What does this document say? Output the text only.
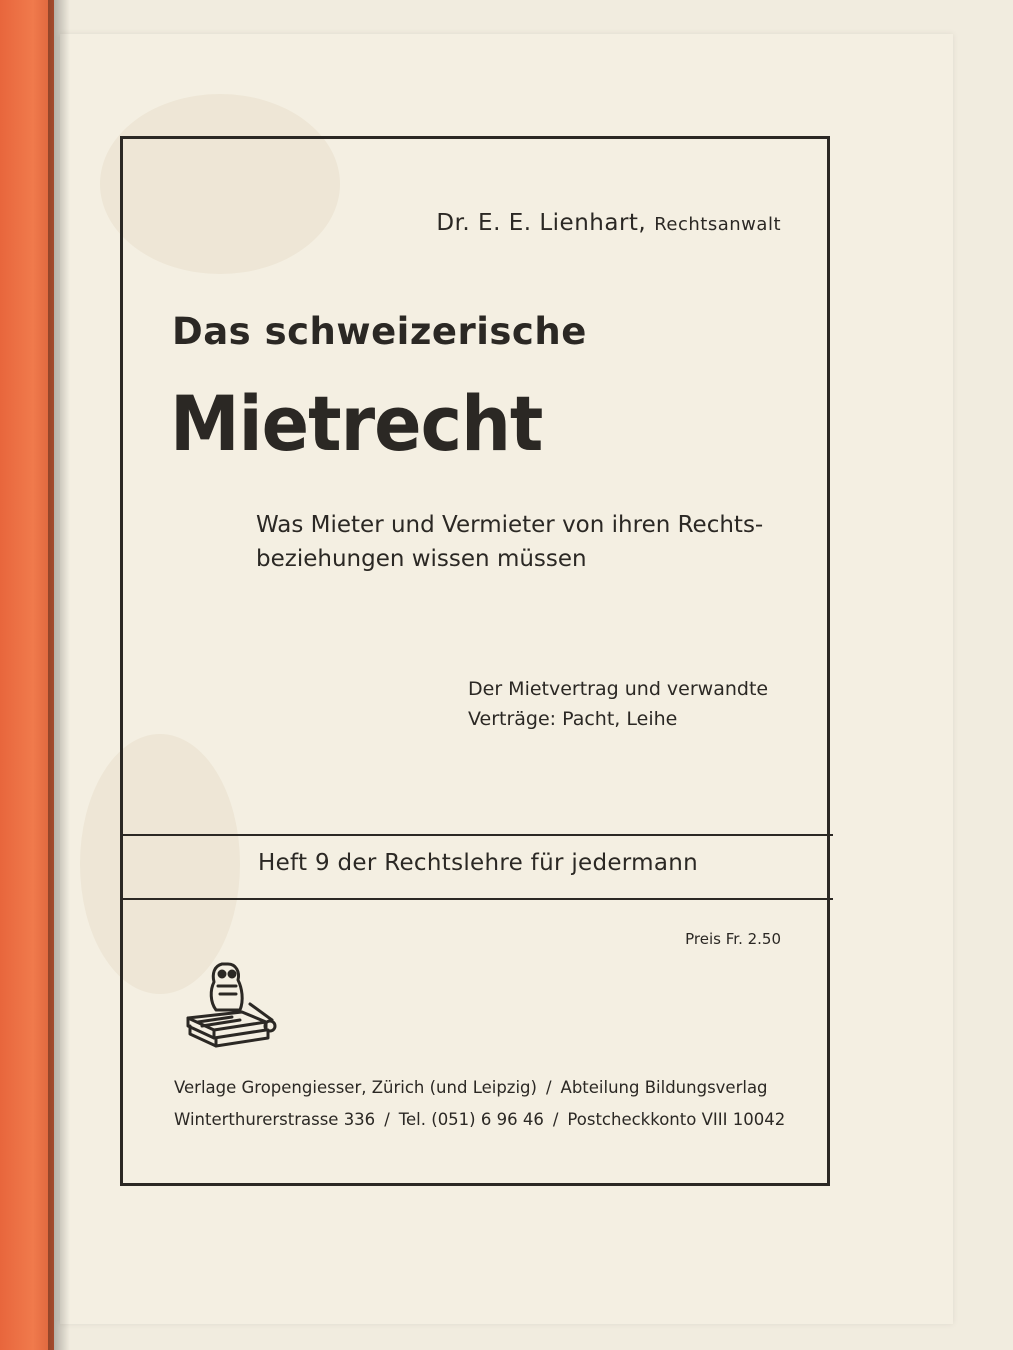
Dr. E. E. Lienhart, Rechtsanwalt
Das schweizerische
Mietrecht
Was Mieter und Vermieter von ihren Rechts- beziehungen wissen müssen
Der Mietvertrag und verwandte
Verträge: Pacht, Leihe
Heft 9 der Rechtslehre für jedermann
Preis Fr. 2.50
Verlage Gropengiesser, Zürich (und Leipzig) / Abteilung Bildungsverlag
Winterthurerstrasse 336 / Tel. (051) 6 96 46 / Postcheckkonto VIII 10042
